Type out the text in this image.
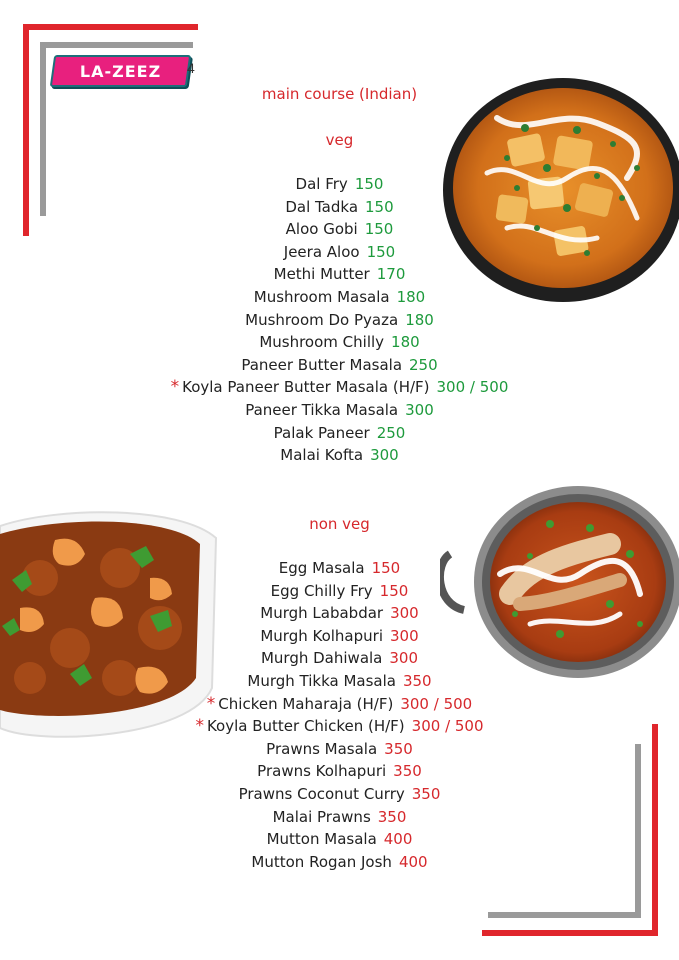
LA-ZEEZ 4
main course (Indian)
veg
non veg
Dal Fry 150
Dal Tadka 150
Aloo Gobi 150
Jeera Aloo 150
Methi Mutter 170
Mushroom Masala 180
Mushroom Do Pyaza 180
Mushroom Chilly 180
Paneer Butter Masala 250
* Koyla Paneer Butter Masala (H/F) 300 / 500
Paneer Tikka Masala 300
Palak Paneer 250
Malai Kofta 300
Egg Masala 150
Egg Chilly Fry 150
Murgh Lababdar 300
Murgh Kolhapuri 300
Murgh Dahiwala 300
Murgh Tikka Masala 350
* Chicken Maharaja (H/F) 300 / 500
* Koyla Butter Chicken (H/F) 300 / 500
Prawns Masala 350
Prawns Kolhapuri 350
Prawns Coconut Curry 350
Malai Prawns 350
Mutton Masala 400
Mutton Rogan Josh 400
